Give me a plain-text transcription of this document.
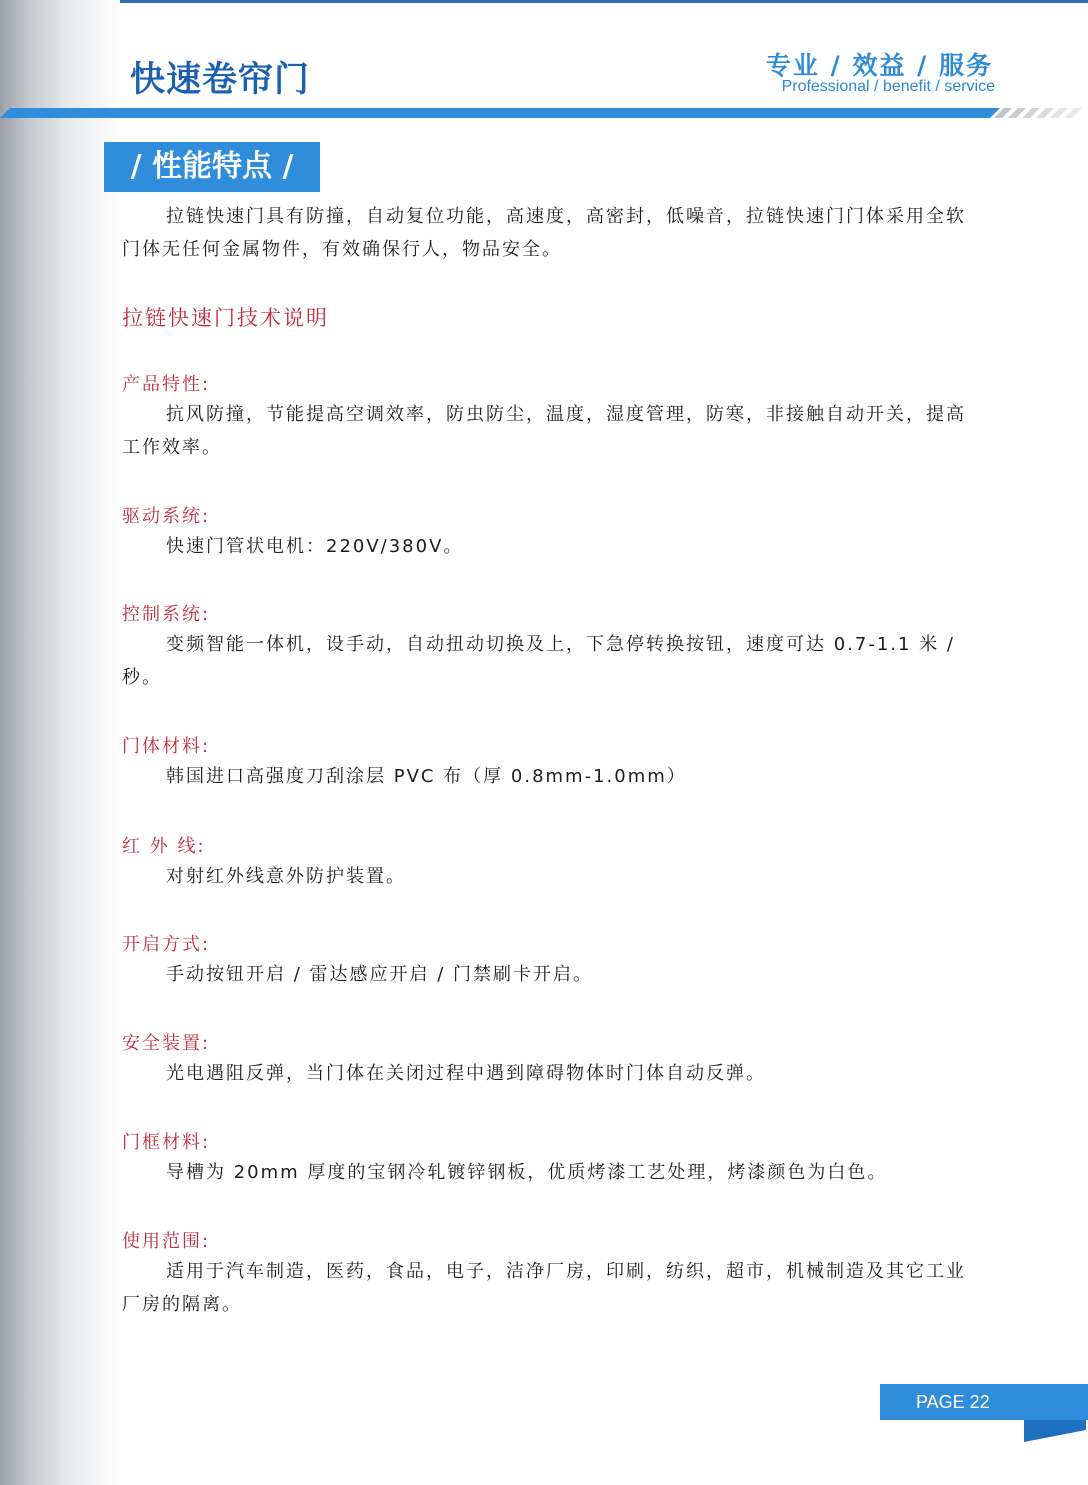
快速卷帘门	专业 / 效益 / 服务
Professional / benefit / service
/ 性能特点 /

拉链快速门具有防撞，自动复位功能，高速度，高密封，低噪音，拉链快速门门体采用全软门体无任何金属物件，有效确保行人，物品安全。

拉链快速门技术说明
产品特性:

抗风防撞，节能提高空调效率，防虫防尘，温度，湿度管理，防寒，非接触自动开关，提高工作效率。

驱动系统:

快速门管状电机：220V/380V。

控制系统:

变频智能一体机，设手动，自动扭动切换及上，下急停转换按钮，速度可达 0.7-1.1 米 / 秒。

门体材料:

韩国进口高强度刀刮涂层 PVC 布（厚 0.8mm-1.0mm）

红 外 线:

对射红外线意外防护装置。

开启方式:

手动按钮开启 / 雷达感应开启 / 门禁刷卡开启。

安全装置:

光电遇阻反弹，当门体在关闭过程中遇到障碍物体时门体自动反弹。

门框材料:

导槽为 20mm 厚度的宝钢冷轧镀锌钢板，优质烤漆工艺处理，烤漆颜色为白色。

使用范围:

适用于汽车制造，医药，食品，电子，洁净厂房，印刷，纺织，超市，机械制造及其它工业厂房的隔离。

PAGE 22
